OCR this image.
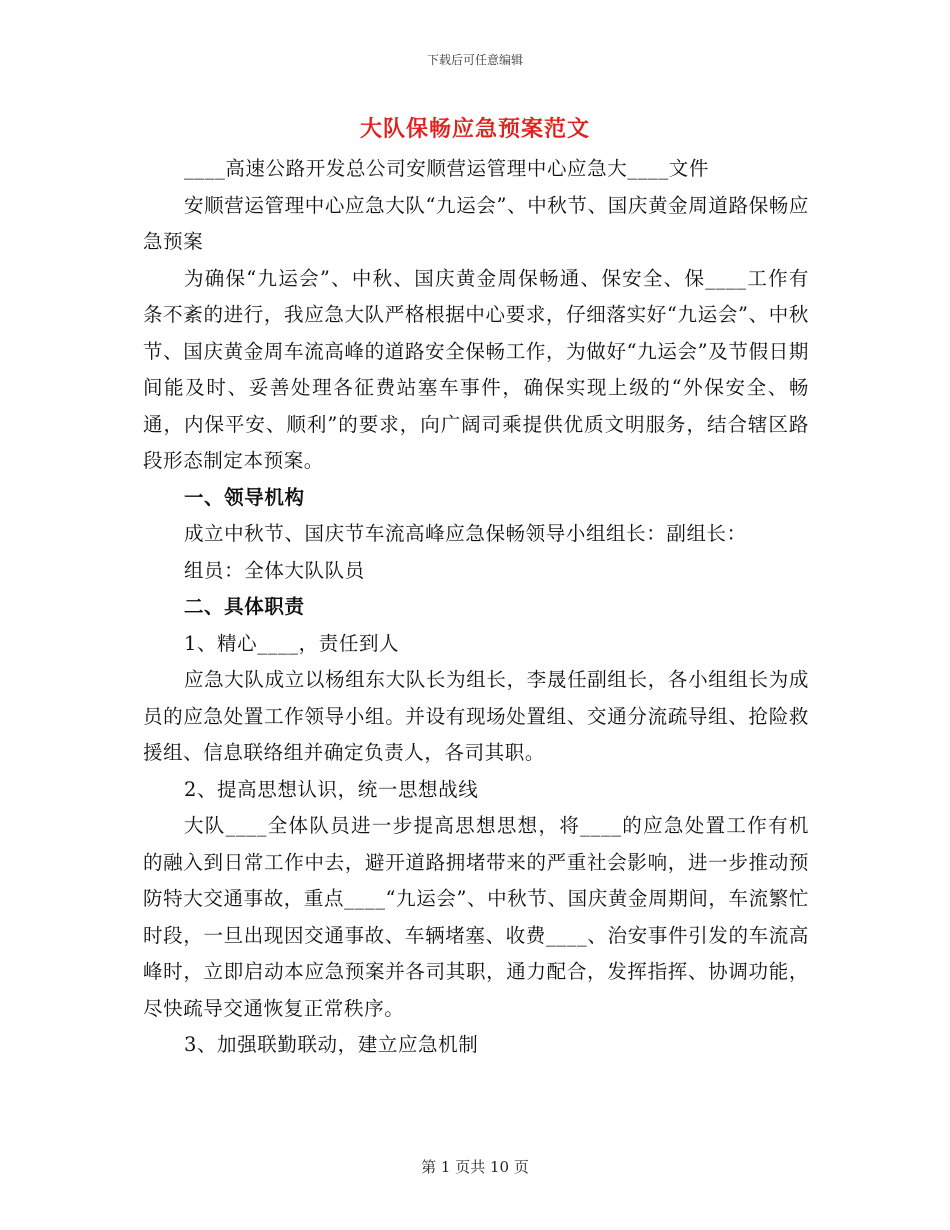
下载后可任意编辑
大队保畅应急预案范文

____高速公路开发总公司安顺营运管理中心应急大____文件

安顺营运管理中心应急大队“九运会”、中秋节、国庆黄金周道路保畅应急预案

为确保“九运会”、中秋、国庆黄金周保畅通、保安全、保____工作有条不紊的进行，我应急大队严格根据中心要求，仔细落实好“九运会”、中秋节、国庆黄金周车流高峰的道路安全保畅工作，为做好“九运会”及节假日期间能及时、妥善处理各征费站塞车事件，确保实现上级的“外保安全、畅通，内保平安、顺利”的要求，向广阔司乘提供优质文明服务，结合辖区路段形态制定本预案。

一、领导机构

成立中秋节、国庆节车流高峰应急保畅领导小组组长：副组长：

组员：全体大队队员

二、具体职责

1、精心____，责任到人

应急大队成立以杨组东大队长为组长，李晟任副组长，各小组组长为成员的应急处置工作领导小组。并设有现场处置组、交通分流疏导组、抢险救援组、信息联络组并确定负责人，各司其职。

2、提高思想认识，统一思想战线

大队____全体队员进一步提高思想思想，将____的应急处置工作有机的融入到日常工作中去，避开道路拥堵带来的严重社会影响，进一步推动预防特大交通事故，重点____“九运会”、中秋节、国庆黄金周期间，车流繁忙时段，一旦出现因交通事故、车辆堵塞、收费____、治安事件引发的车流高峰时，立即启动本应急预案并各司其职，通力配合，发挥指挥、协调功能，尽快疏导交通恢复正常秩序。

3、加强联勤联动，建立应急机制

第 1 页共 10 页
